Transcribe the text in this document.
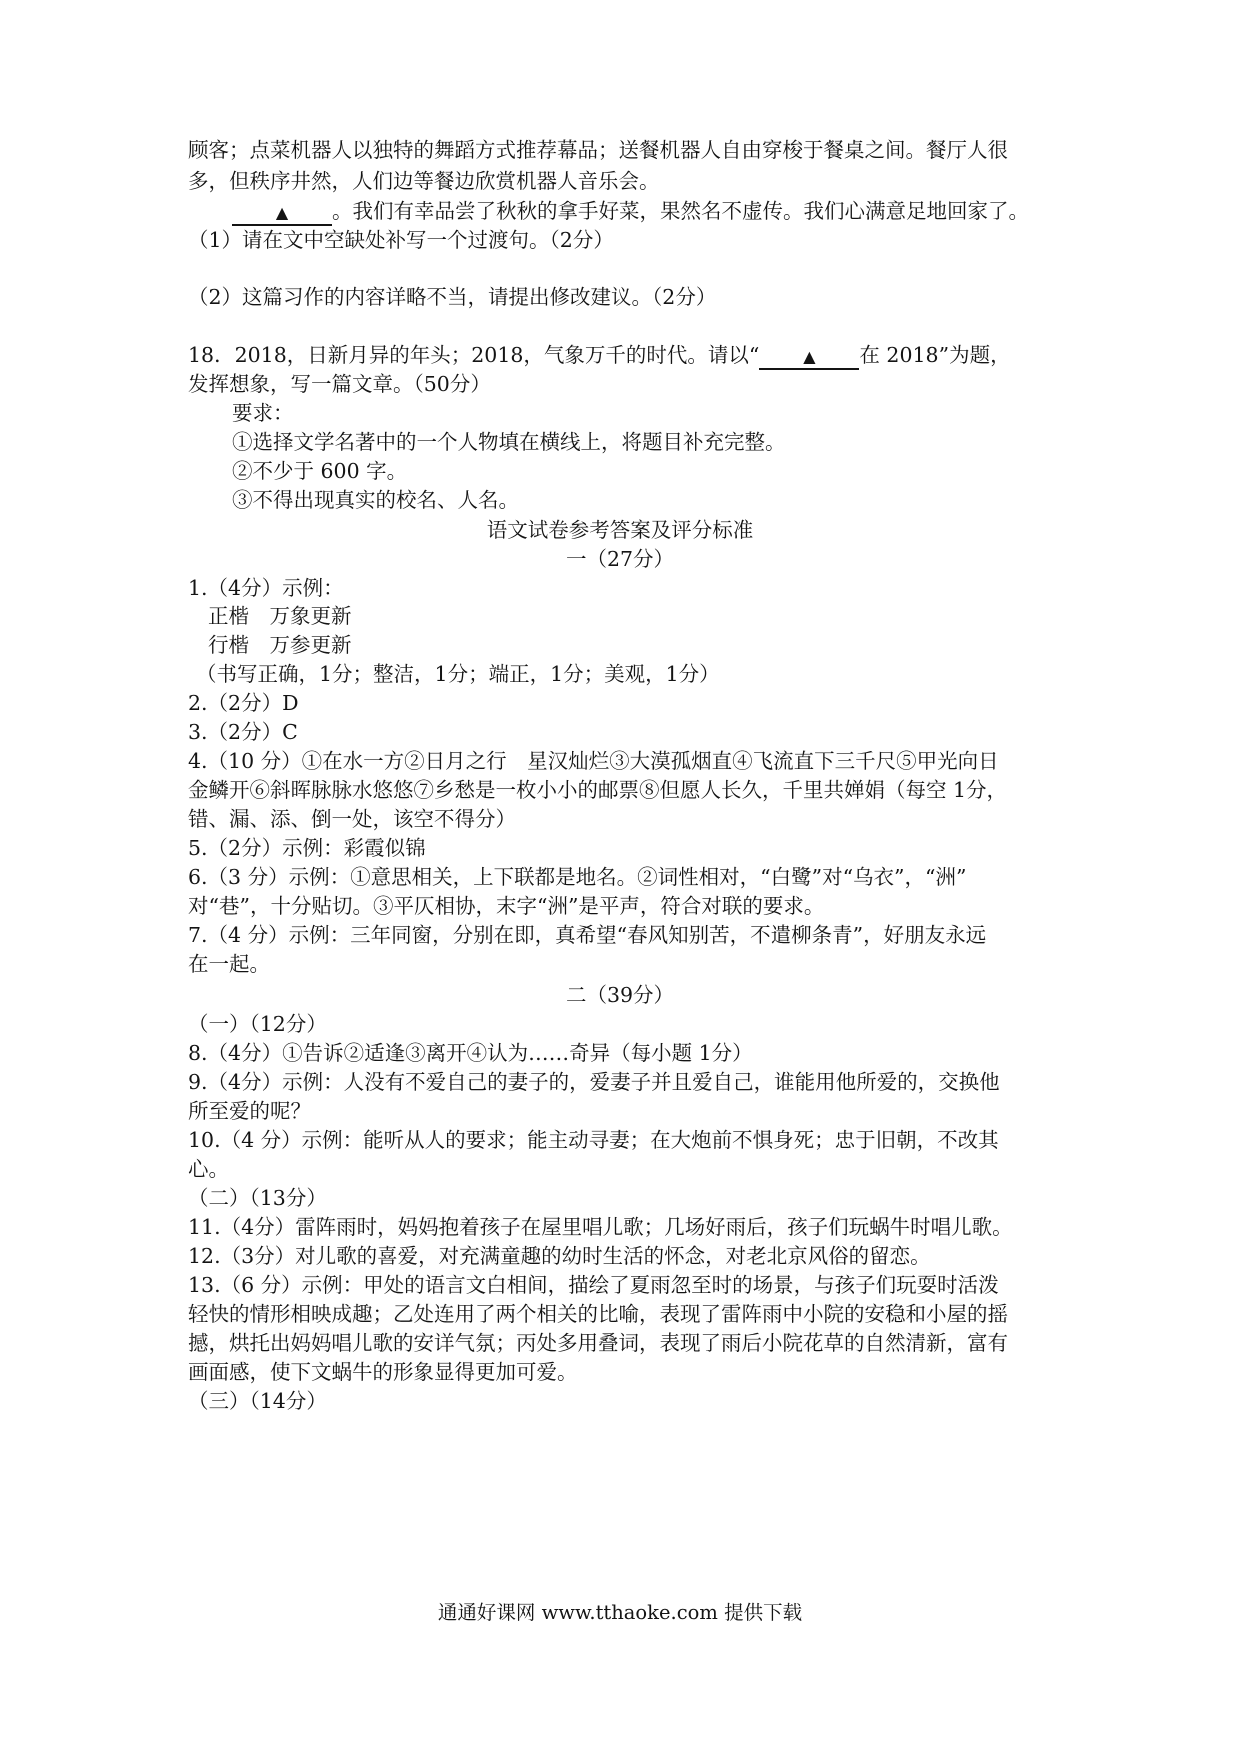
顾客；点菜机器人以独特的舞蹈方式推荐幕品；送餐机器人自由穿梭于餐桌之间。餐厅人很
多，但秩序井然，人们边等餐边欣赏机器人音乐会。
▲ 。我们有幸品尝了秋秋的拿手好菜，果然名不虚传。我们心满意足地回家了。
（1）请在文中空缺处补写一个过渡句。（2分）
（2）这篇习作的内容详略不当，请提出修改建议。（2分）
18．2018，日新月异的年头；2018，气象万千的时代。请以“	▲ 在 2018”为题，
发挥想象，写一篇文章。（50分）
要求：
①选择文学名著中的一个人物填在横线上，将题目补充完整。
②不少于 600 字。
③不得出现真实的校名、人名。
语文试卷参考答案及评分标准
一（27分）
1.（4分）示例：
正楷　万象更新
行楷　万参更新
（书写正确，1分；整洁，1分；端正，1分；美观，1分）
2.（2分）D
3.（2分）C
4.（10 分）①在水一方②日月之行　星汉灿烂③大漠孤烟直④飞流直下三千尺⑤甲光向日
金鳞开⑥斜晖脉脉水悠悠⑦乡愁是一枚小小的邮票⑧但愿人长久，千里共婵娟（每空 1分，
错、漏、添、倒一处，该空不得分）
5.（2分）示例：彩霞似锦
6.（3 分）示例：①意思相关，上下联都是地名。②词性相对，“白鹭”对“乌衣”，“洲”
对“巷”，十分贴切。③平仄相协，末字“洲”是平声，符合对联的要求。
7.（4 分）示例：三年同窗，分别在即，真希望“春风知别苦，不遣柳条青”，好朋友永远
在一起。
二（39分）
（一）（12分）
8.（4分）①告诉②适逢③离开④认为……奇异（每小题 1分）
9.（4分）示例：人没有不爱自己的妻子的，爱妻子并且爱自己，谁能用他所爱的，交换他
所至爱的呢？
10.（4 分）示例：能听从人的要求；能主动寻妻；在大炮前不惧身死；忠于旧朝，不改其
心。
（二）（13分）
11.（4分）雷阵雨时，妈妈抱着孩子在屋里唱儿歌；几场好雨后，孩子们玩蜗牛时唱儿歌。
12.（3分）对儿歌的喜爱，对充满童趣的幼时生活的怀念，对老北京风俗的留恋。
13.（6 分）示例：甲处的语言文白相间，描绘了夏雨忽至时的场景，与孩子们玩耍时活泼
轻快的情形相映成趣；乙处连用了两个相关的比喻，表现了雷阵雨中小院的安稳和小屋的摇
撼，烘托出妈妈唱儿歌的安详气氛；丙处多用叠词，表现了雨后小院花草的自然清新，富有
画面感，使下文蜗牛的形象显得更加可爱。
（三）（14分）
通通好课网 www.tthaoke.com 提供下载
